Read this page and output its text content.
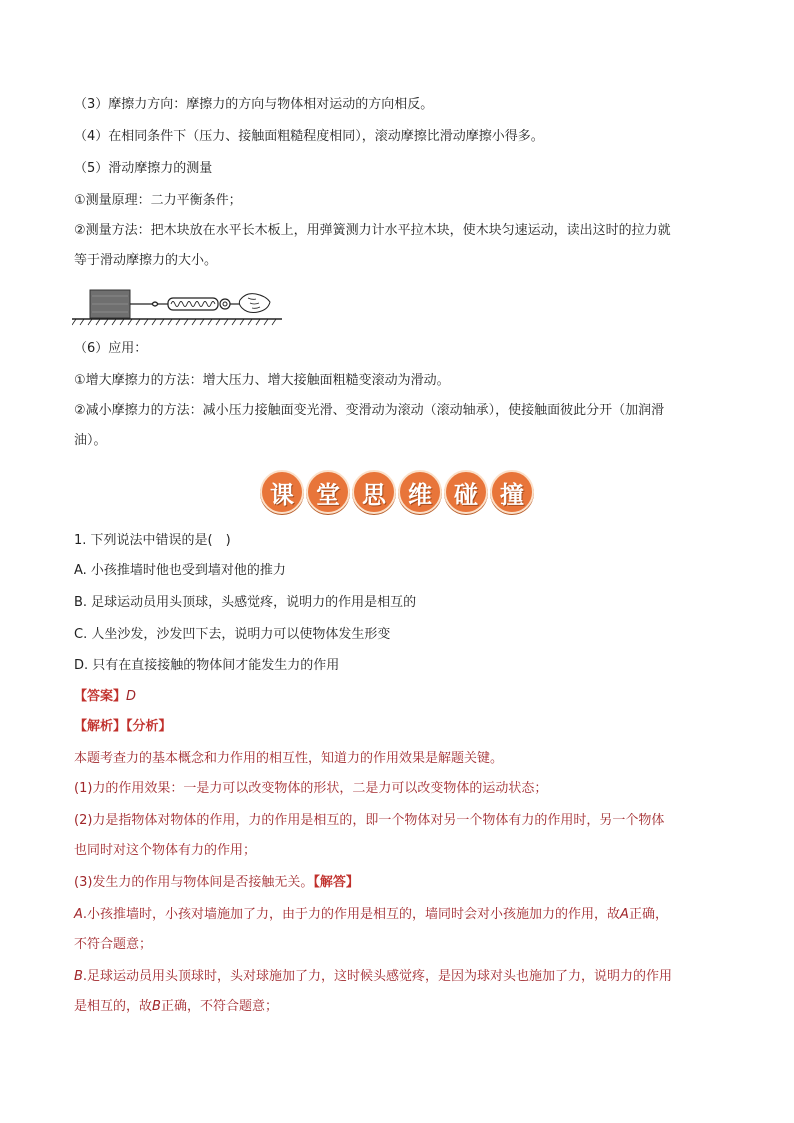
（3）摩擦力方向：摩擦力的方向与物体相对运动的方向相反。
（4）在相同条件下（压力、接触面粗糙程度相同），滚动摩擦比滑动摩擦小得多。
（5）滑动摩擦力的测量
①测量原理：二力平衡条件；
②测量方法：把木块放在水平长木板上，用弹簧测力计水平拉木块，使木块匀速运动，读出这时的拉力就
等于滑动摩擦力的大小。
（6）应用：
①增大摩擦力的方法：增大压力、增大接触面粗糙变滚动为滑动。
②减小摩擦力的方法：减小压力接触面变光滑、变滑动为滚动（滚动轴承），使接触面彼此分开（加润滑
油）。
课 堂 思 维 碰 撞
1. 下列说法中错误的是(　)
A. 小孩推墙时他也受到墙对他的推力
B. 足球运动员用头顶球，头感觉疼，说明力的作用是相互的
C. 人坐沙发，沙发凹下去，说明力可以使物体发生形变
D. 只有在直接接触的物体间才能发生力的作用
【答案】D
【解析】【分析】
本题考查力的基本概念和力作用的相互性，知道力的作用效果是解题关键。
(1)力的作用效果：一是力可以改变物体的形状，二是力可以改变物体的运动状态；
(2)力是指物体对物体的作用，力的作用是相互的，即一个物体对另一个物体有力的作用时，另一个物体
也同时对这个物体有力的作用；
(3)发生力的作用与物体间是否接触无关。【解答】
A.小孩推墙时，小孩对墙施加了力，由于力的作用是相互的，墙同时会对小孩施加力的作用，故A正确，
不符合题意；
B.足球运动员用头顶球时，头对球施加了力，这时候头感觉疼，是因为球对头也施加了力，说明力的作用
是相互的，故B正确，不符合题意；
